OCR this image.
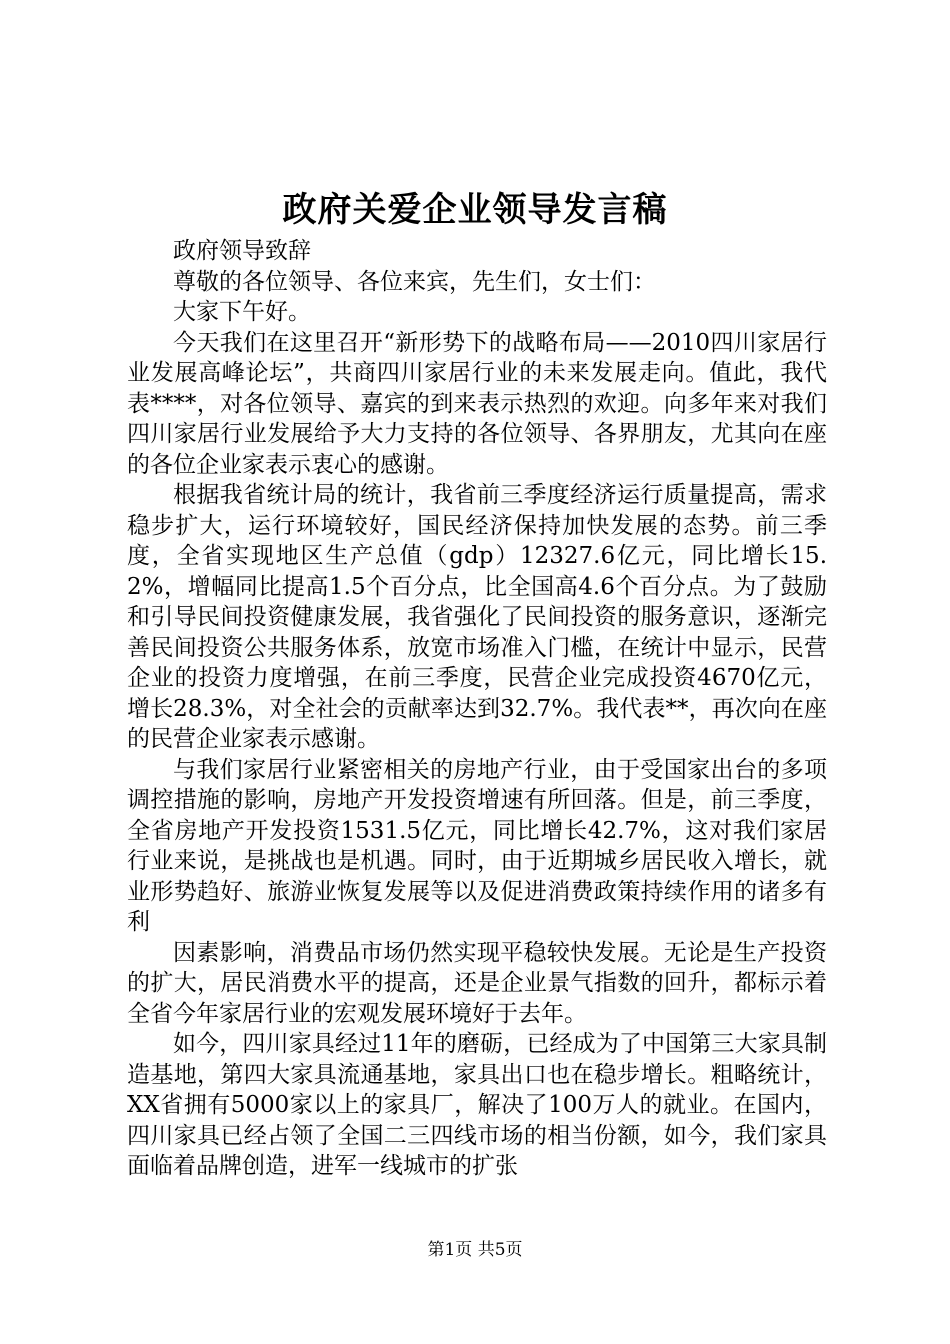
政府关爱企业领导发言稿

政府领导致辞

尊敬的各位领导、各位来宾，先生们，女士们：

大家下午好。

今天我们在这里召开“新形势下的战略布局——2010四川家居行业发展高峰论坛”，共商四川家居行业的未来发展走向。值此，我代表****，对各位领导、嘉宾的到来表示热烈的欢迎。向多年来对我们四川家居行业发展给予大力支持的各位领导、各界朋友，尤其向在座的各位企业家表示衷心的感谢。

根据我省统计局的统计，我省前三季度经济运行质量提高，需求稳步扩大，运行环境较好，国民经济保持加快发展的态势。前三季度，全省实现地区生产总值（gdp）12327.6亿元，同比增长15.2%，增幅同比提高1.5个百分点，比全国高4.6个百分点。为了鼓励和引导民间投资健康发展，我省强化了民间投资的服务意识，逐渐完善民间投资公共服务体系，放宽市场准入门槛，在统计中显示，民营企业的投资力度增强，在前三季度，民营企业完成投资4670亿元，增长28.3%，对全社会的贡献率达到32.7%。我代表**，再次向在座的民营企业家表示感谢。

与我们家居行业紧密相关的房地产行业，由于受国家出台的多项调控措施的影响，房地产开发投资增速有所回落。但是，前三季度，全省房地产开发投资1531.5亿元，同比增长42.7%，这对我们家居行业来说，是挑战也是机遇。同时，由于近期城乡居民收入增长，就业形势趋好、旅游业恢复发展等以及促进消费政策持续作用的诸多有利

因素影响，消费品市场仍然实现平稳较快发展。无论是生产投资的扩大，居民消费水平的提高，还是企业景气指数的回升，都标示着全省今年家居行业的宏观发展环境好于去年。

如今，四川家具经过11年的磨砺，已经成为了中国第三大家具制造基地，第四大家具流通基地，家具出口也在稳步增长。粗略统计，XX省拥有5000家以上的家具厂，解决了100万人的就业。在国内，四川家具已经占领了全国二三四线市场的相当份额，如今，我们家具面临着品牌创造，进军一线城市的扩张

第1页 共5页
